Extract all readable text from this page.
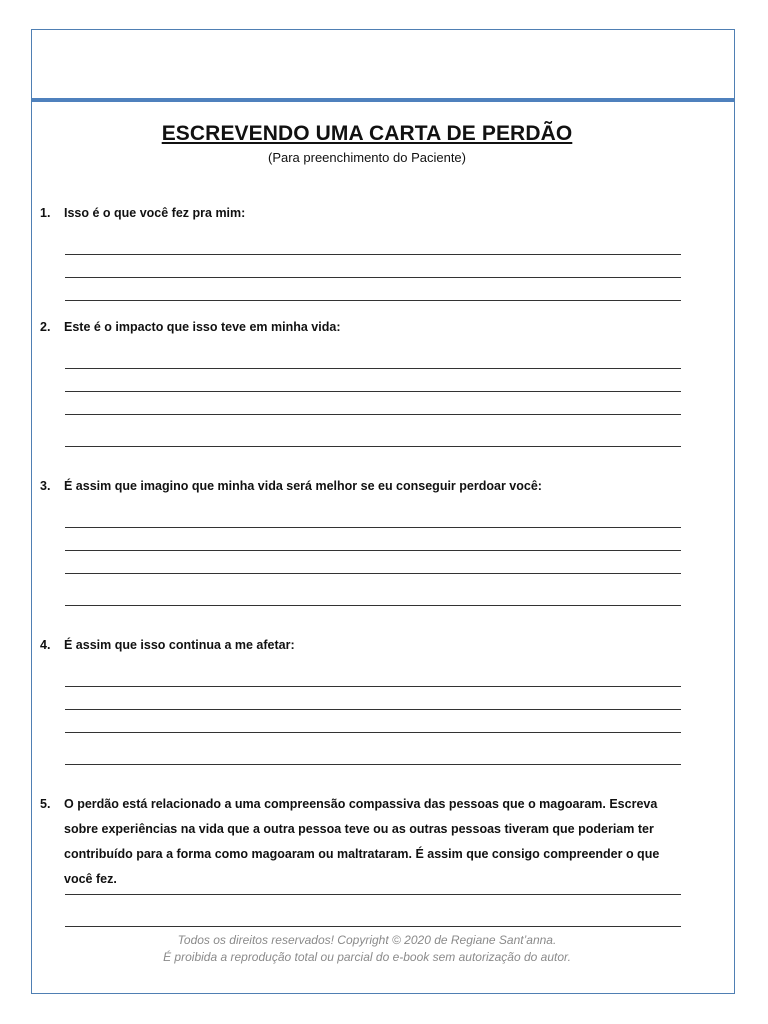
ESCREVENDO UMA CARTA DE PERDÃO
(Para preenchimento do Paciente)
1.	Isso é o que você fez pra mim:
2.	Este é o impacto que isso teve em minha vida:
3.	É assim que imagino que minha vida será melhor se eu conseguir perdoar você:
4.	É assim que isso continua a me afetar:
5.	O perdão está relacionado a uma compreensão compassiva das pessoas que o magoaram. Escreva sobre experiências na vida que a outra pessoa teve ou as outras pessoas tiveram que poderiam ter contribuído para a forma como magoaram ou maltrataram. É assim que consigo compreender o que você fez.
Todos os direitos reservados! Copyright © 2020 de Regiane Sant’anna.
É proibida a reprodução total ou parcial do e-book sem autorização do autor.
